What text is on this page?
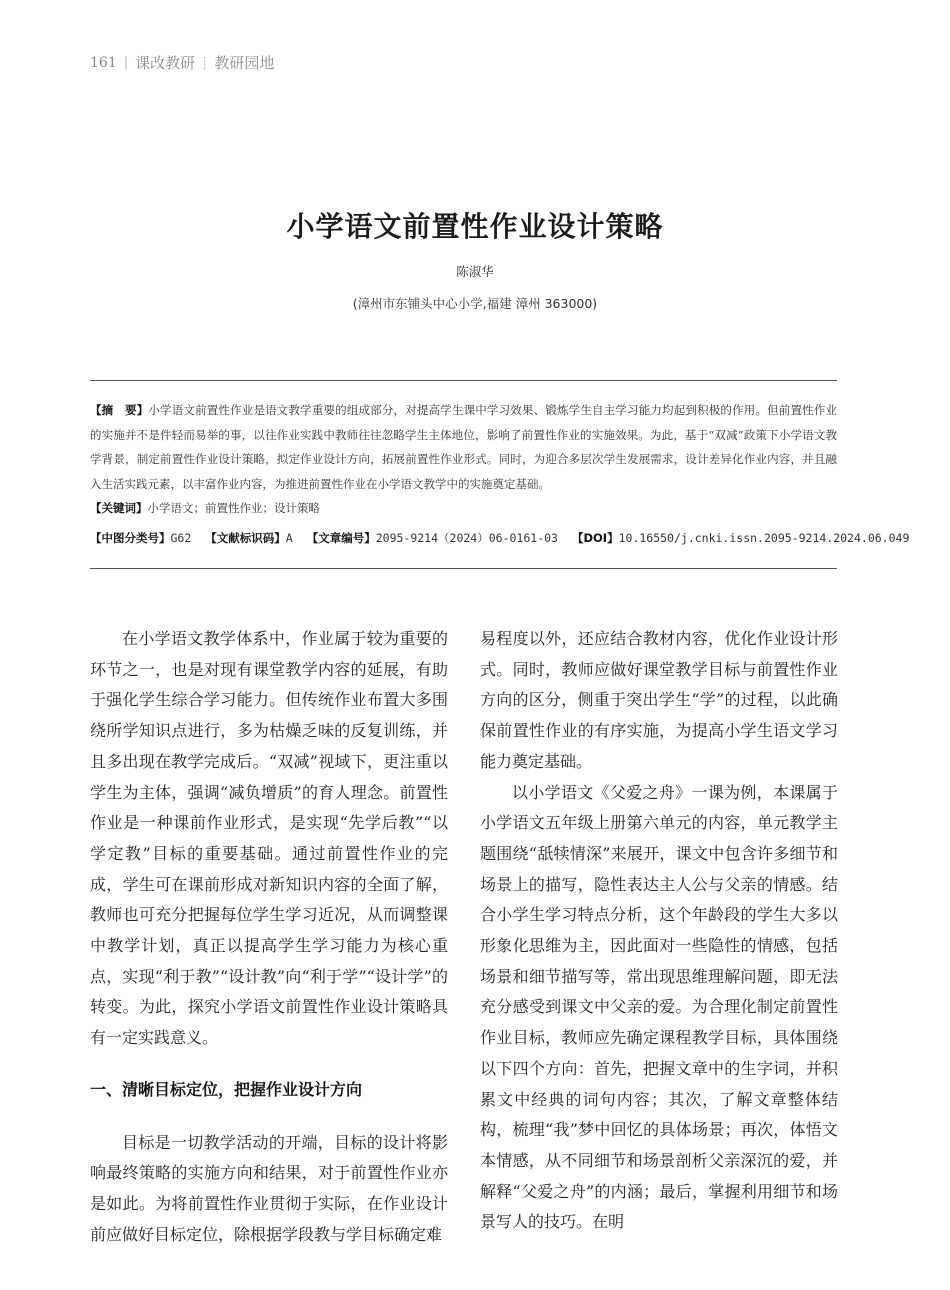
161 | 课改教研 ┊ 教研园地
小学语文前置性作业设计策略
陈淑华
(漳州市东铺头中心小学,福建 漳州 363000)
【摘　要】小学语文前置性作业是语文教学重要的组成部分，对提高学生课中学习效果、锻炼学生自主学习能力均起到积极的作用。但前置性作业的实施并不是件轻而易举的事，以往作业实践中教师往往忽略学生主体地位，影响了前置性作业的实施效果。为此，基于“双减”政策下小学语文教学背景，制定前置性作业设计策略，拟定作业设计方向，拓展前置性作业形式。同时，为迎合多层次学生发展需求，设计差异化作业内容，并且融入生活实践元素，以丰富作业内容，为推进前置性作业在小学语文教学中的实施奠定基础。
【关键词】小学语文；前置性作业；设计策略
【中图分类号】G62 【文献标识码】A 【文章编号】2095-9214（2024）06-0161-03 【DOI】10.16550/j.cnki.issn.2095-9214.2024.06.049

在小学语文教学体系中，作业属于较为重要的环节之一，也是对现有课堂教学内容的延展，有助于强化学生综合学习能力。但传统作业布置大多围绕所学知识点进行，多为枯燥乏味的反复训练，并且多出现在教学完成后。“双减”视域下，更注重以学生为主体，强调“减负增质”的育人理念。前置性作业是一种课前作业形式，是实现“先学后教”“以学定教”目标的重要基础。通过前置性作业的完成，学生可在课前形成对新知识内容的全面了解，教师也可充分把握每位学生学习近况，从而调整课中教学计划，真正以提高学生学习能力为核心重点，实现“利于教”“设计教”向“利于学”“设计学”的转变。为此，探究小学语文前置性作业设计策略具有一定实践意义。

一、清晰目标定位，把握作业设计方向

目标是一切教学活动的开端，目标的设计将影响最终策略的实施方向和结果，对于前置性作业亦是如此。为将前置性作业贯彻于实际，在作业设计前应做好目标定位，除根据学段教与学目标确定难

易程度以外，还应结合教材内容，优化作业设计形式。同时，教师应做好课堂教学目标与前置性作业方向的区分，侧重于突出学生“学”的过程，以此确保前置性作业的有序实施，为提高小学生语文学习能力奠定基础。

以小学语文《父爱之舟》一课为例，本课属于小学语文五年级上册第六单元的内容，单元教学主题围绕“舐犊情深”来展开，课文中包含许多细节和场景上的描写，隐性表达主人公与父亲的情感。结合小学生学习特点分析，这个年龄段的学生大多以形象化思维为主，因此面对一些隐性的情感，包括场景和细节描写等，常出现思维理解问题，即无法充分感受到课文中父亲的爱。为合理化制定前置性作业目标，教师应先确定课程教学目标，具体围绕以下四个方向：首先，把握文章中的生字词，并积累文中经典的词句内容；其次，了解文章整体结构，梳理“我”梦中回忆的具体场景；再次，体悟文本情感，从不同细节和场景剖析父亲深沉的爱，并解释“父爱之舟”的内涵；最后，掌握利用细节和场景写人的技巧。在明
